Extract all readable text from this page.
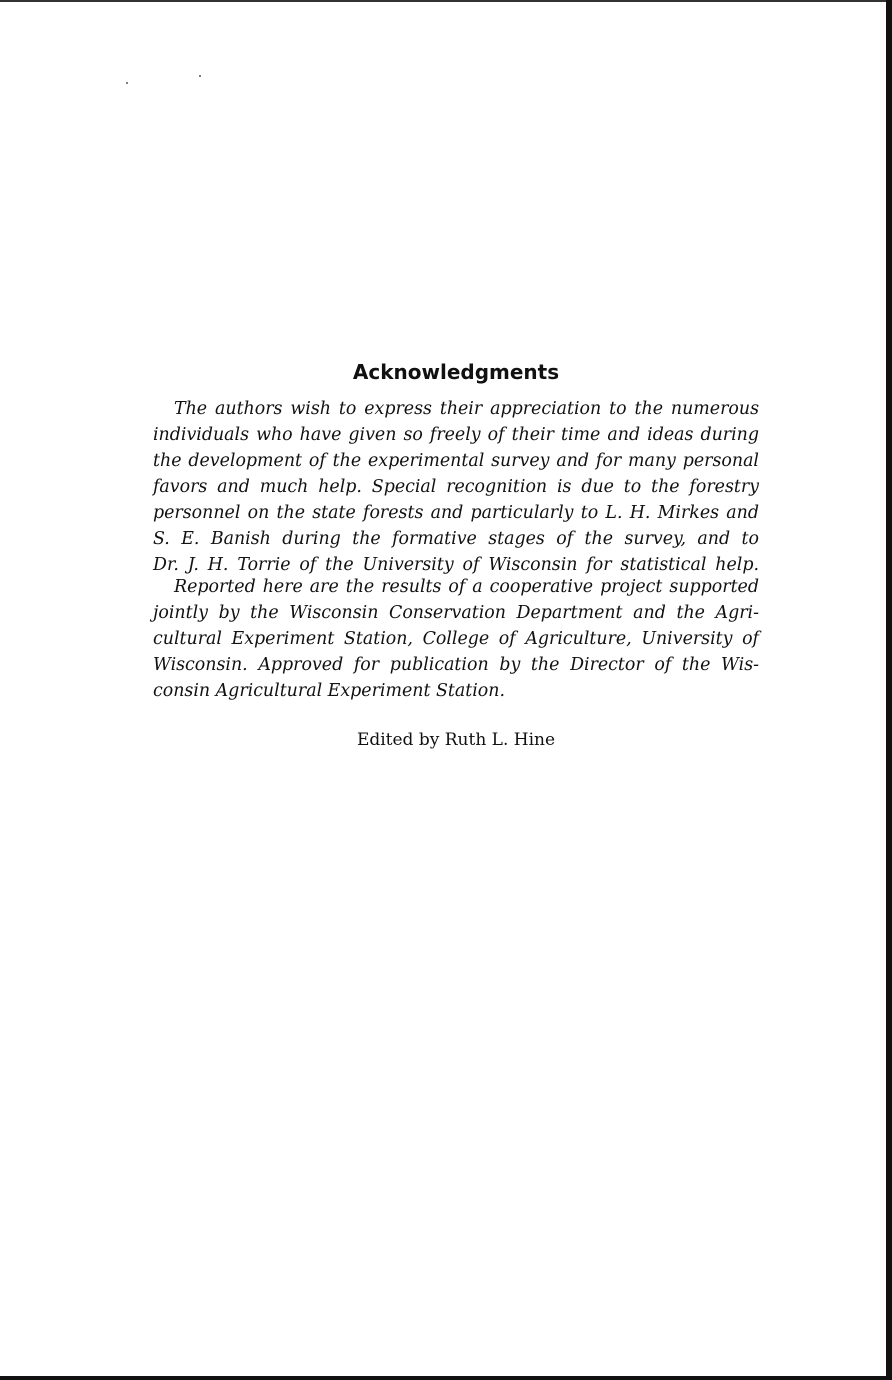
Acknowledgments
The authors wish to express their appreciation to the numerous
individuals who have given so freely of their time and ideas during
the development of the experimental survey and for many personal
favors and much help. Special recognition is due to the forestry
personnel on the state forests and particularly to L. H. Mirkes and
S. E. Banish during the formative stages of the survey, and to
Dr. J. H. Torrie of the University of Wisconsin for statistical help.
Reported here are the results of a cooperative project supported
jointly by the Wisconsin Conservation Department and the Agri-
cultural Experiment Station, College of Agriculture, University of
Wisconsin. Approved for publication by the Director of the Wis-
consin Agricultural Experiment Station.
Edited by Ruth L. Hine
